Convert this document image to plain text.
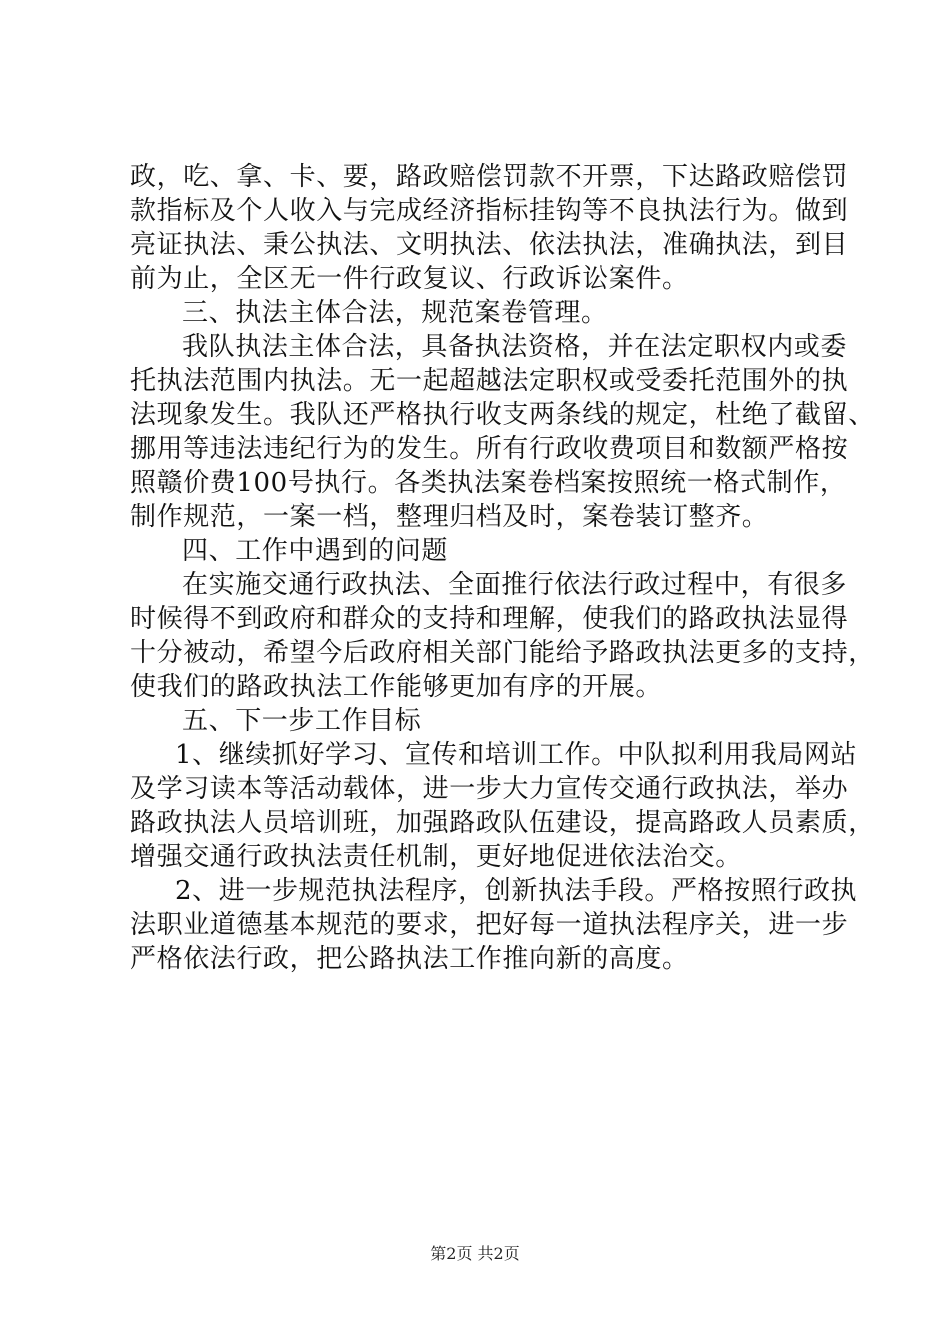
政，吃、拿、卡、要，路政赔偿罚款不开票，下达路政赔偿罚
款指标及个人收入与完成经济指标挂钩等不良执法行为。做到
亮证执法、秉公执法、文明执法、依法执法，准确执法，到目
前为止，全区无一件行政复议、行政诉讼案件。
三、执法主体合法，规范案卷管理。
我队执法主体合法，具备执法资格，并在法定职权内或委
托执法范围内执法。无一起超越法定职权或受委托范围外的执
法现象发生。我队还严格执行收支两条线的规定，杜绝了截留、
挪用等违法违纪行为的发生。所有行政收费项目和数额严格按
照赣价费100号执行。各类执法案卷档案按照统一格式制作，
制作规范，一案一档，整理归档及时，案卷装订整齐。
四、工作中遇到的问题
在实施交通行政执法、全面推行依法行政过程中，有很多
时候得不到政府和群众的支持和理解，使我们的路政执法显得
十分被动，希望今后政府相关部门能给予路政执法更多的支持，
使我们的路政执法工作能够更加有序的开展。
五、下一步工作目标
1、继续抓好学习、宣传和培训工作。中队拟利用我局网站
及学习读本等活动载体，进一步大力宣传交通行政执法，举办
路政执法人员培训班，加强路政队伍建设，提高路政人员素质，
增强交通行政执法责任机制，更好地促进依法治交。
2、进一步规范执法程序，创新执法手段。严格按照行政执
法职业道德基本规范的要求，把好每一道执法程序关，进一步
严格依法行政，把公路执法工作推向新的高度。
第2页 共2页
